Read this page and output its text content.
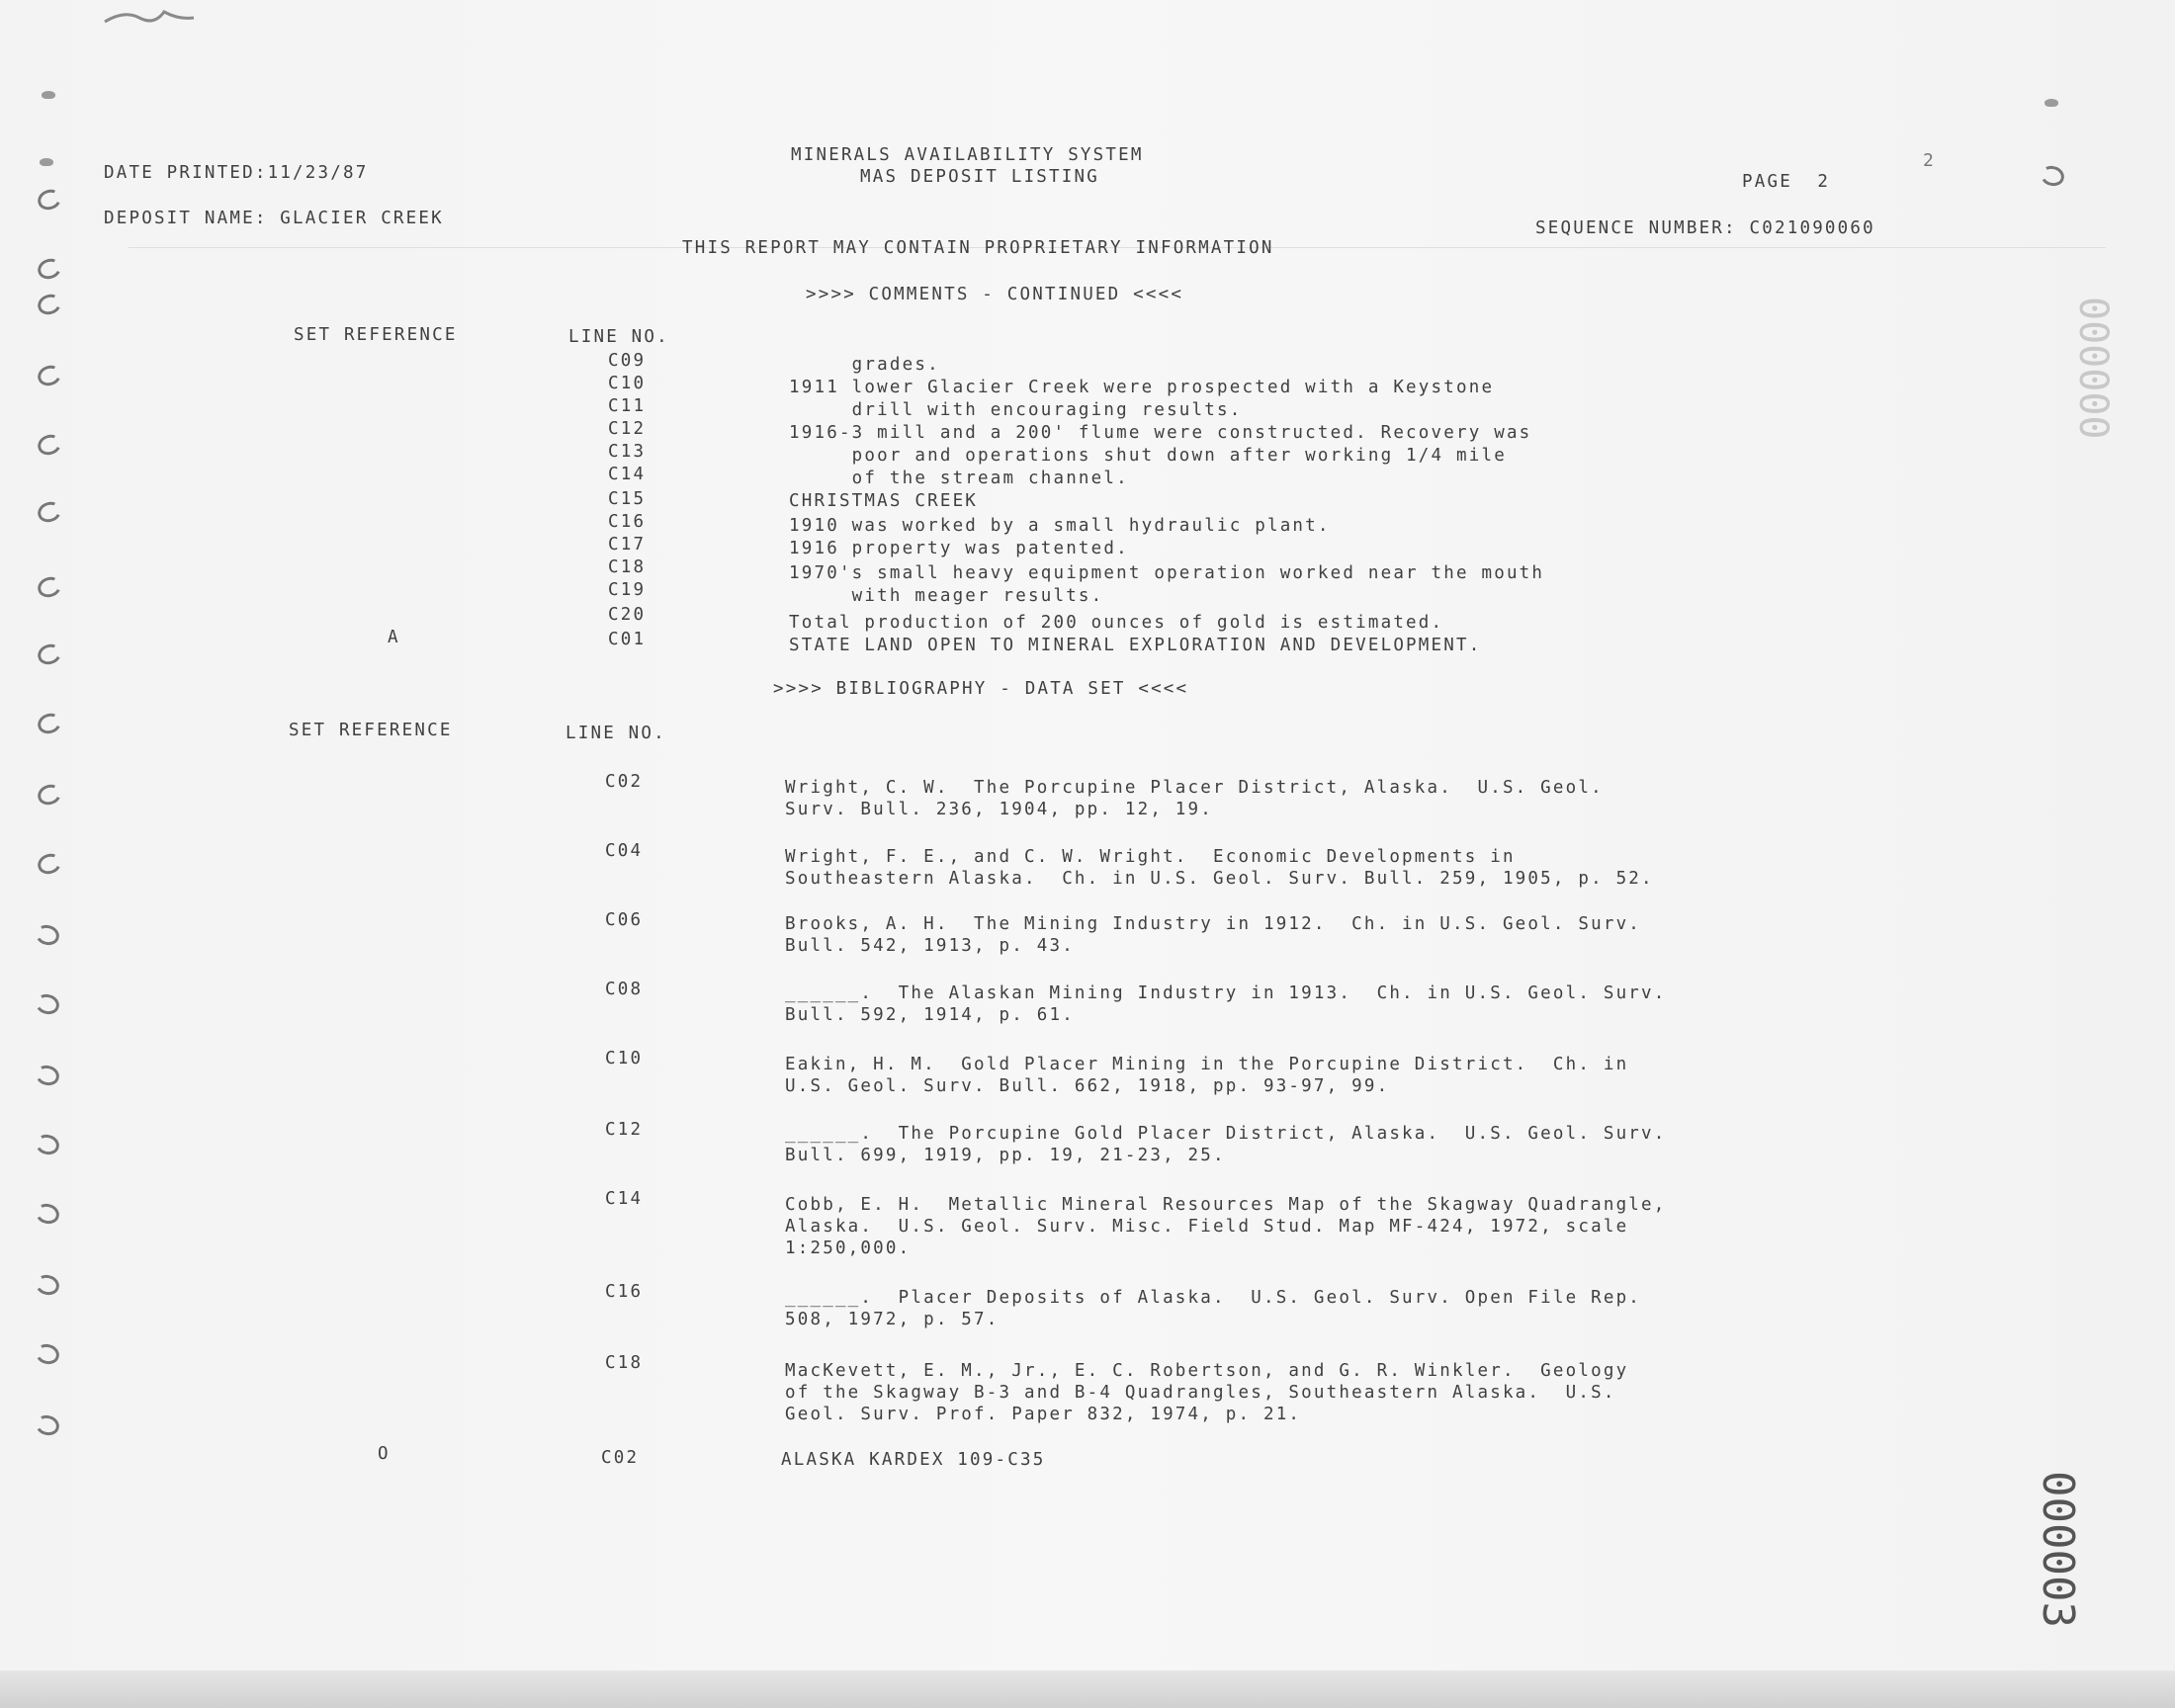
DATE PRINTED:11/23/87
MINERALS AVAILABILITY SYSTEM
MAS DEPOSIT LISTING	PAGE  2
2
DEPOSIT NAME: GLACIER CREEK	SEQUENCE NUMBER: C021090060
THIS REPORT MAY CONTAIN PROPRIETARY INFORMATION
>>>> COMMENTS - CONTINUED <<<<
SET REFERENCE	LINE NO.
C09	grades.
C10	1911 lower Glacier Creek were prospected with a Keystone
C11	drill with encouraging results.
C12	1916-3 mill and a 200' flume were constructed. Recovery was
C13	poor and operations shut down after working 1/4 mile
C14	of the stream channel.
C15	CHRISTMAS CREEK
C16	1910 was worked by a small hydraulic plant.
C17	1916 property was patented.
C18	1970's small heavy equipment operation worked near the mouth
C19	with meager results.
C20	Total production of 200 ounces of gold is estimated.
A	C01	STATE LAND OPEN TO MINERAL EXPLORATION AND DEVELOPMENT.
>>>> BIBLIOGRAPHY - DATA SET <<<<
SET REFERENCE	LINE NO.
C02	Wright, C. W.  The Porcupine Placer District, Alaska.  U.S. Geol.
Surv. Bull. 236, 1904, pp. 12, 19.
C04	Wright, F. E., and C. W. Wright.  Economic Developments in
Southeastern Alaska.  Ch. in U.S. Geol. Surv. Bull. 259, 1905, p. 52.
C06	Brooks, A. H.  The Mining Industry in 1912.  Ch. in U.S. Geol. Surv.
Bull. 542, 1913, p. 43.
C08	______.  The Alaskan Mining Industry in 1913.  Ch. in U.S. Geol. Surv.
Bull. 592, 1914, p. 61.
C10	Eakin, H. M.  Gold Placer Mining in the Porcupine District.  Ch. in
U.S. Geol. Surv. Bull. 662, 1918, pp. 93-97, 99.
C12	______.  The Porcupine Gold Placer District, Alaska.  U.S. Geol. Surv.
Bull. 699, 1919, pp. 19, 21-23, 25.
C14	Cobb, E. H.  Metallic Mineral Resources Map of the Skagway Quadrangle,
Alaska.  U.S. Geol. Surv. Misc. Field Stud. Map MF-424, 1972, scale
1:250,000.
C16	______.  Placer Deposits of Alaska.  U.S. Geol. Surv. Open File Rep.
508, 1972, p. 57.
C18	MacKevett, E. M., Jr., E. C. Robertson, and G. R. Winkler.  Geology
of the Skagway B-3 and B-4 Quadrangles, Southeastern Alaska.  U.S.
Geol. Surv. Prof. Paper 832, 1974, p. 21.
O	C02	ALASKA KARDEX 109-C35
000000
000003
